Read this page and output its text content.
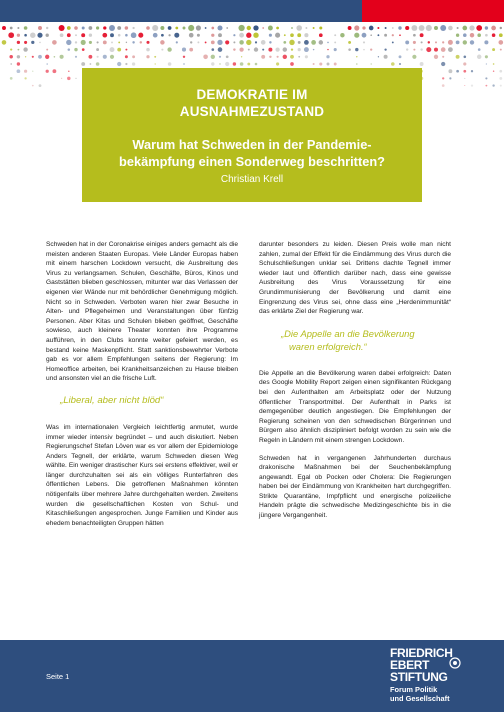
DEMOKRATIE IM
AUSNAHMEZUSTAND
Warum hat Schweden in der Pandemie-
bekämpfung einen Sonderweg beschritten?
Christian Krell

Schweden hat in der Coronakrise einiges anders gemacht als die meisten anderen Staaten Europas. Viele Länder Europas haben mit einem harschen Lockdown versucht, die Ausbreitung des Virus zu verlangsamen. Schulen, Geschäfte, Büros, Kinos und Gaststätten blieben geschlossen, mitunter war das Verlassen der eigenen vier Wände nur mit behördlicher Genehmigung möglich. Nicht so in Schweden. Verboten waren hier zwar Besuche in Alten- und Pflegeheimen und Veranstaltungen über fünfzig Personen. Aber Kitas und Schulen blieben geöffnet, Geschäfte sowieso, auch kleinere Theater konnten ihre Programme aufführen, in den Clubs konnte weiter gefeiert werden, es bestand keine Maskenpflicht. Statt sanktionsbewehrter Verbote gab es vor allem Empfehlungen seitens der Regierung: Im Homeoffice arbeiten, bei Krankheitsanzeichen zu Hause bleiben und ansonsten viel an die frische Luft.

„Liberal, aber nicht blöd“

Was im internationalen Vergleich leichtfertig anmutet, wurde immer wieder intensiv begründet – und auch diskutiert. Neben Regierungschef Stefan Löven war es vor allem der Epidemiologe Anders Tegnell, der erklärte, warum Schweden diesen Weg wählte. Ein weniger drastischer Kurs sei erstens effektiver, weil er länger durchzuhalten sei als ein völliges Runterfahren des öffentlichen Lebens. Die getroffenen Maßnahmen könnten nötigenfalls über mehrere Jahre durchgehalten werden. Zweitens wurden die gesellschaftlichen Kosten von Schul- und Kitaschließungen angesprochen. Junge Familien und Kinder aus ehedem benachteiligten Gruppen hätten

darunter besonders zu leiden. Diesen Preis wolle man nicht zahlen, zumal der Effekt für die Eindämmung des Virus durch die Schulschließungen unklar sei. Drittens dachte Tegnell immer wieder laut und öffentlich darüber nach, dass eine gewisse Ausbreitung des Virus Voraussetzung für eine Grundimmunisierung der Bevölkerung und damit eine Eingrenzung des Virus sei, ohne dass eine „Herdenimmunität“ das erklärte Ziel der Regierung war.

„Die Appelle an die Bevölkerung
waren erfolgreich.“

Die Appelle an die Bevölkerung waren dabei erfolgreich: Daten des Google Mobility Report zeigen einen signifikanten Rückgang bei den Aufenthalten am Arbeitsplatz oder der Nutzung öffentlicher Transportmittel. Der Aufenthalt in Parks ist demgegenüber deutlich angestiegen. Die Empfehlungen der Regierung scheinen von den schwedischen Bürgerinnen und Bürgern also ähnlich diszipliniert befolgt worden zu sein wie die Regeln in Ländern mit einem strengen Lockdown.

Schweden hat in vergangenen Jahrhunderten durchaus drakonische Maßnahmen bei der Seuchenbekämpfung angewandt. Egal ob Pocken oder Cholera: Die Regierungen haben bei der Eindämmung von Krankheiten hart durchgegriffen. Strikte Quarantäne, Impfpflicht und energische polizeiliche Handeln prägte die schwedische Medizingeschichte bis in die jüngere Vergangenheit.

Seite 1
FRIEDRICH
EBERT
STIFTUNG
Forum Politik
und Gesellschaft
